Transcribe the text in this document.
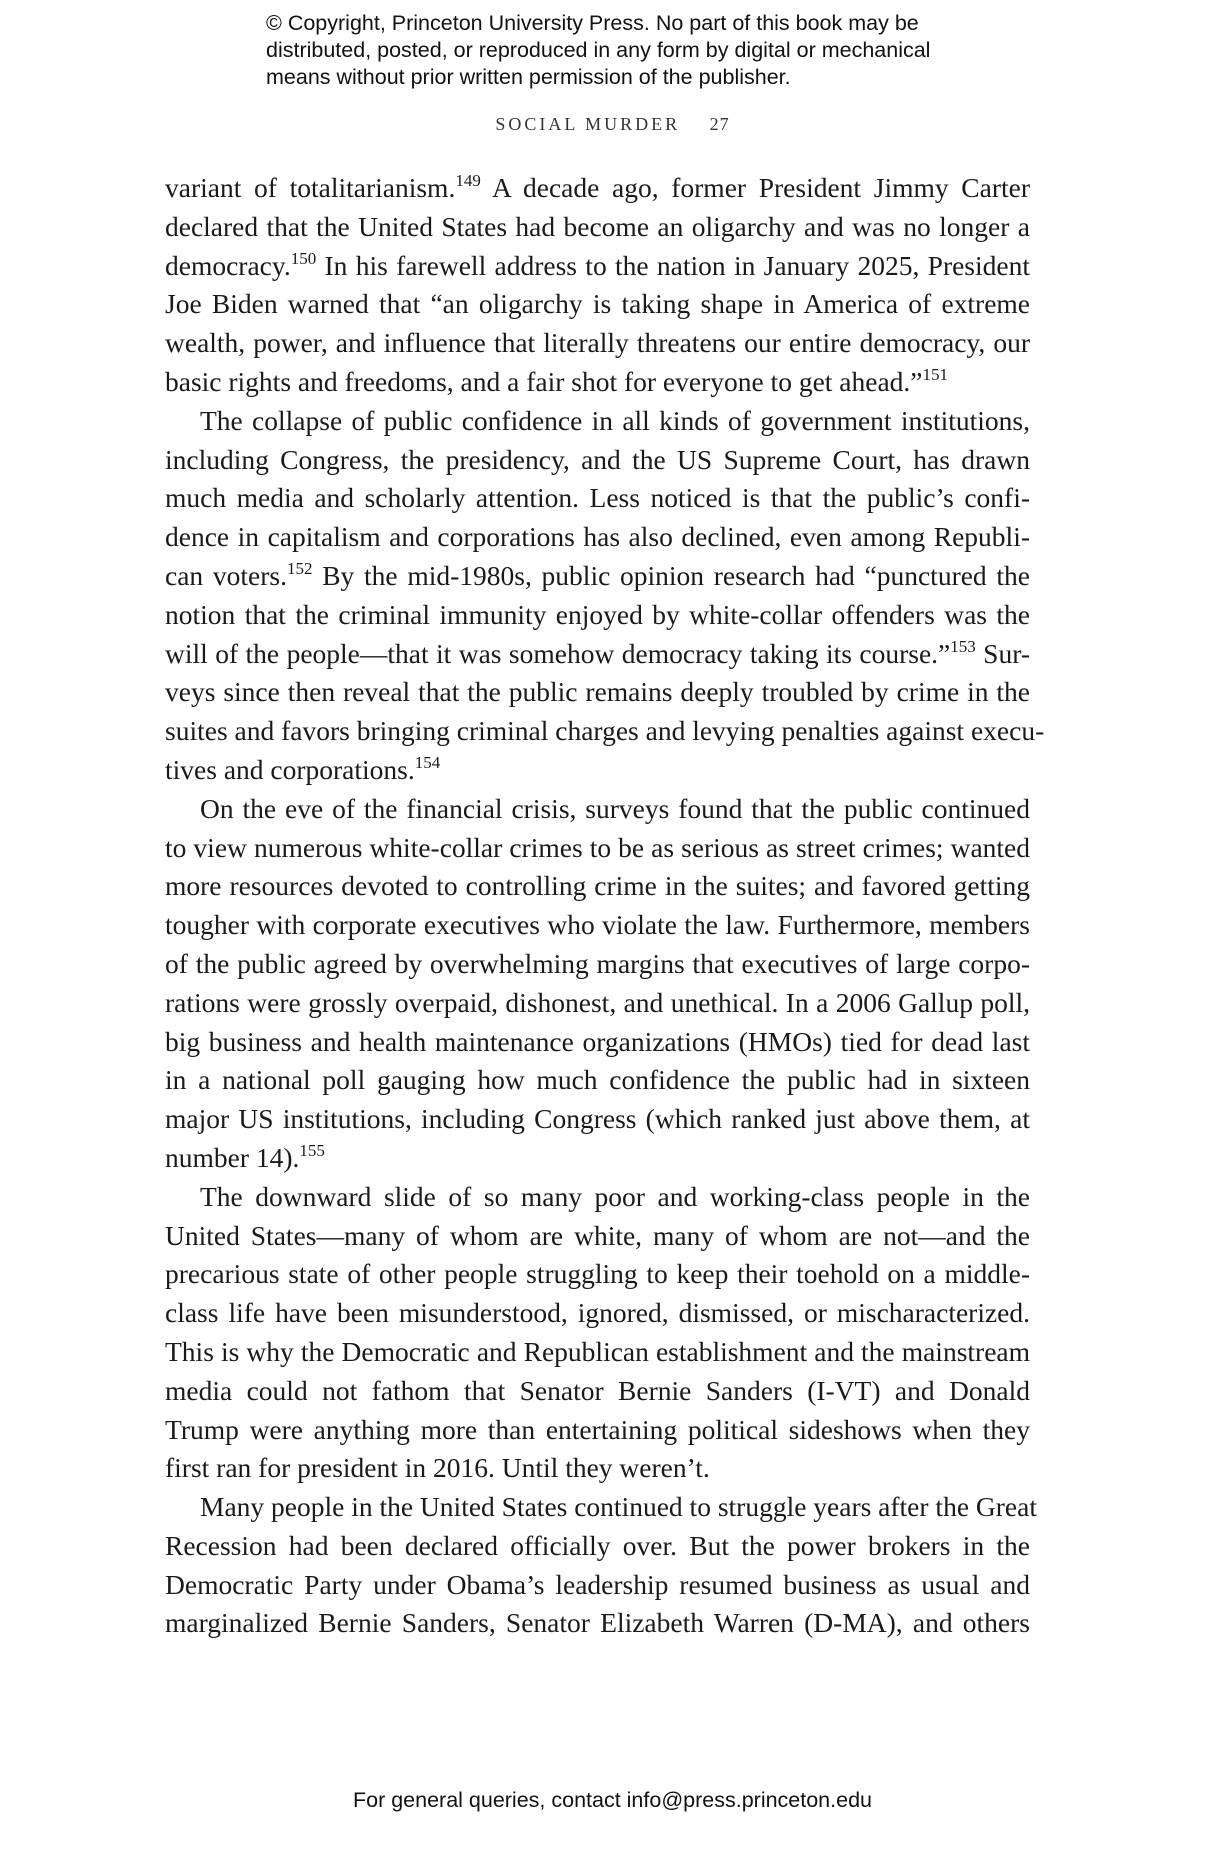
© Copyright, Princeton University Press. No part of this book may be
distributed, posted, or reproduced in any form by digital or mechanical
means without prior written permission of the publisher.
SOCIAL MURDER 27
variant of totalitarianism.$^{149}$ A decade ago, former President Jimmy Carter
declared that the United States had become an oligarchy and was no longer a
democracy.$^{150}$ In his farewell address to the nation in January 2025, President
Joe Biden warned that “an oligarchy is taking shape in America of extreme
wealth, power, and influence that literally threatens our entire democracy, our
basic rights and freedoms, and a fair shot for everyone to get ahead.”$^{151}$
The collapse of public confidence in all kinds of government institutions,
including Congress, the presidency, and the US Supreme Court, has drawn
much media and scholarly attention. Less noticed is that the public’s confi-
dence in capitalism and corporations has also declined, even among Republi-
can voters.$^{152}$ By the mid-1980s, public opinion research had “punctured the
notion that the criminal immunity enjoyed by white-collar offenders was the
will of the people—that it was somehow democracy taking its course.”$^{153}$ Sur-
veys since then reveal that the public remains deeply troubled by crime in the
suites and favors bringing criminal charges and levying penalties against execu-
tives and corporations.$^{154}$
On the eve of the financial crisis, surveys found that the public continued
to view numerous white-collar crimes to be as serious as street crimes; wanted
more resources devoted to controlling crime in the suites; and favored getting
tougher with corporate executives who violate the law. Furthermore, members
of the public agreed by overwhelming margins that executives of large corpo-
rations were grossly overpaid, dishonest, and unethical. In a 2006 Gallup poll,
big business and health maintenance organizations (HMOs) tied for dead last
in a national poll gauging how much confidence the public had in sixteen
major US institutions, including Congress (which ranked just above them, at
number 14).$^{155}$
The downward slide of so many poor and working-class people in the
United States—many of whom are white, many of whom are not—and the
precarious state of other people struggling to keep their toehold on a middle-
class life have been misunderstood, ignored, dismissed, or mischaracterized.
This is why the Democratic and Republican establishment and the mainstream
media could not fathom that Senator Bernie Sanders (I-VT) and Donald
Trump were anything more than entertaining political sideshows when they
first ran for president in 2016. Until they weren’t.
Many people in the United States continued to struggle years after the Great
Recession had been declared officially over. But the power brokers in the
Democratic Party under Obama’s leadership resumed business as usual and
marginalized Bernie Sanders, Senator Elizabeth Warren (D-MA), and others
For general queries, contact info@press.princeton.edu
